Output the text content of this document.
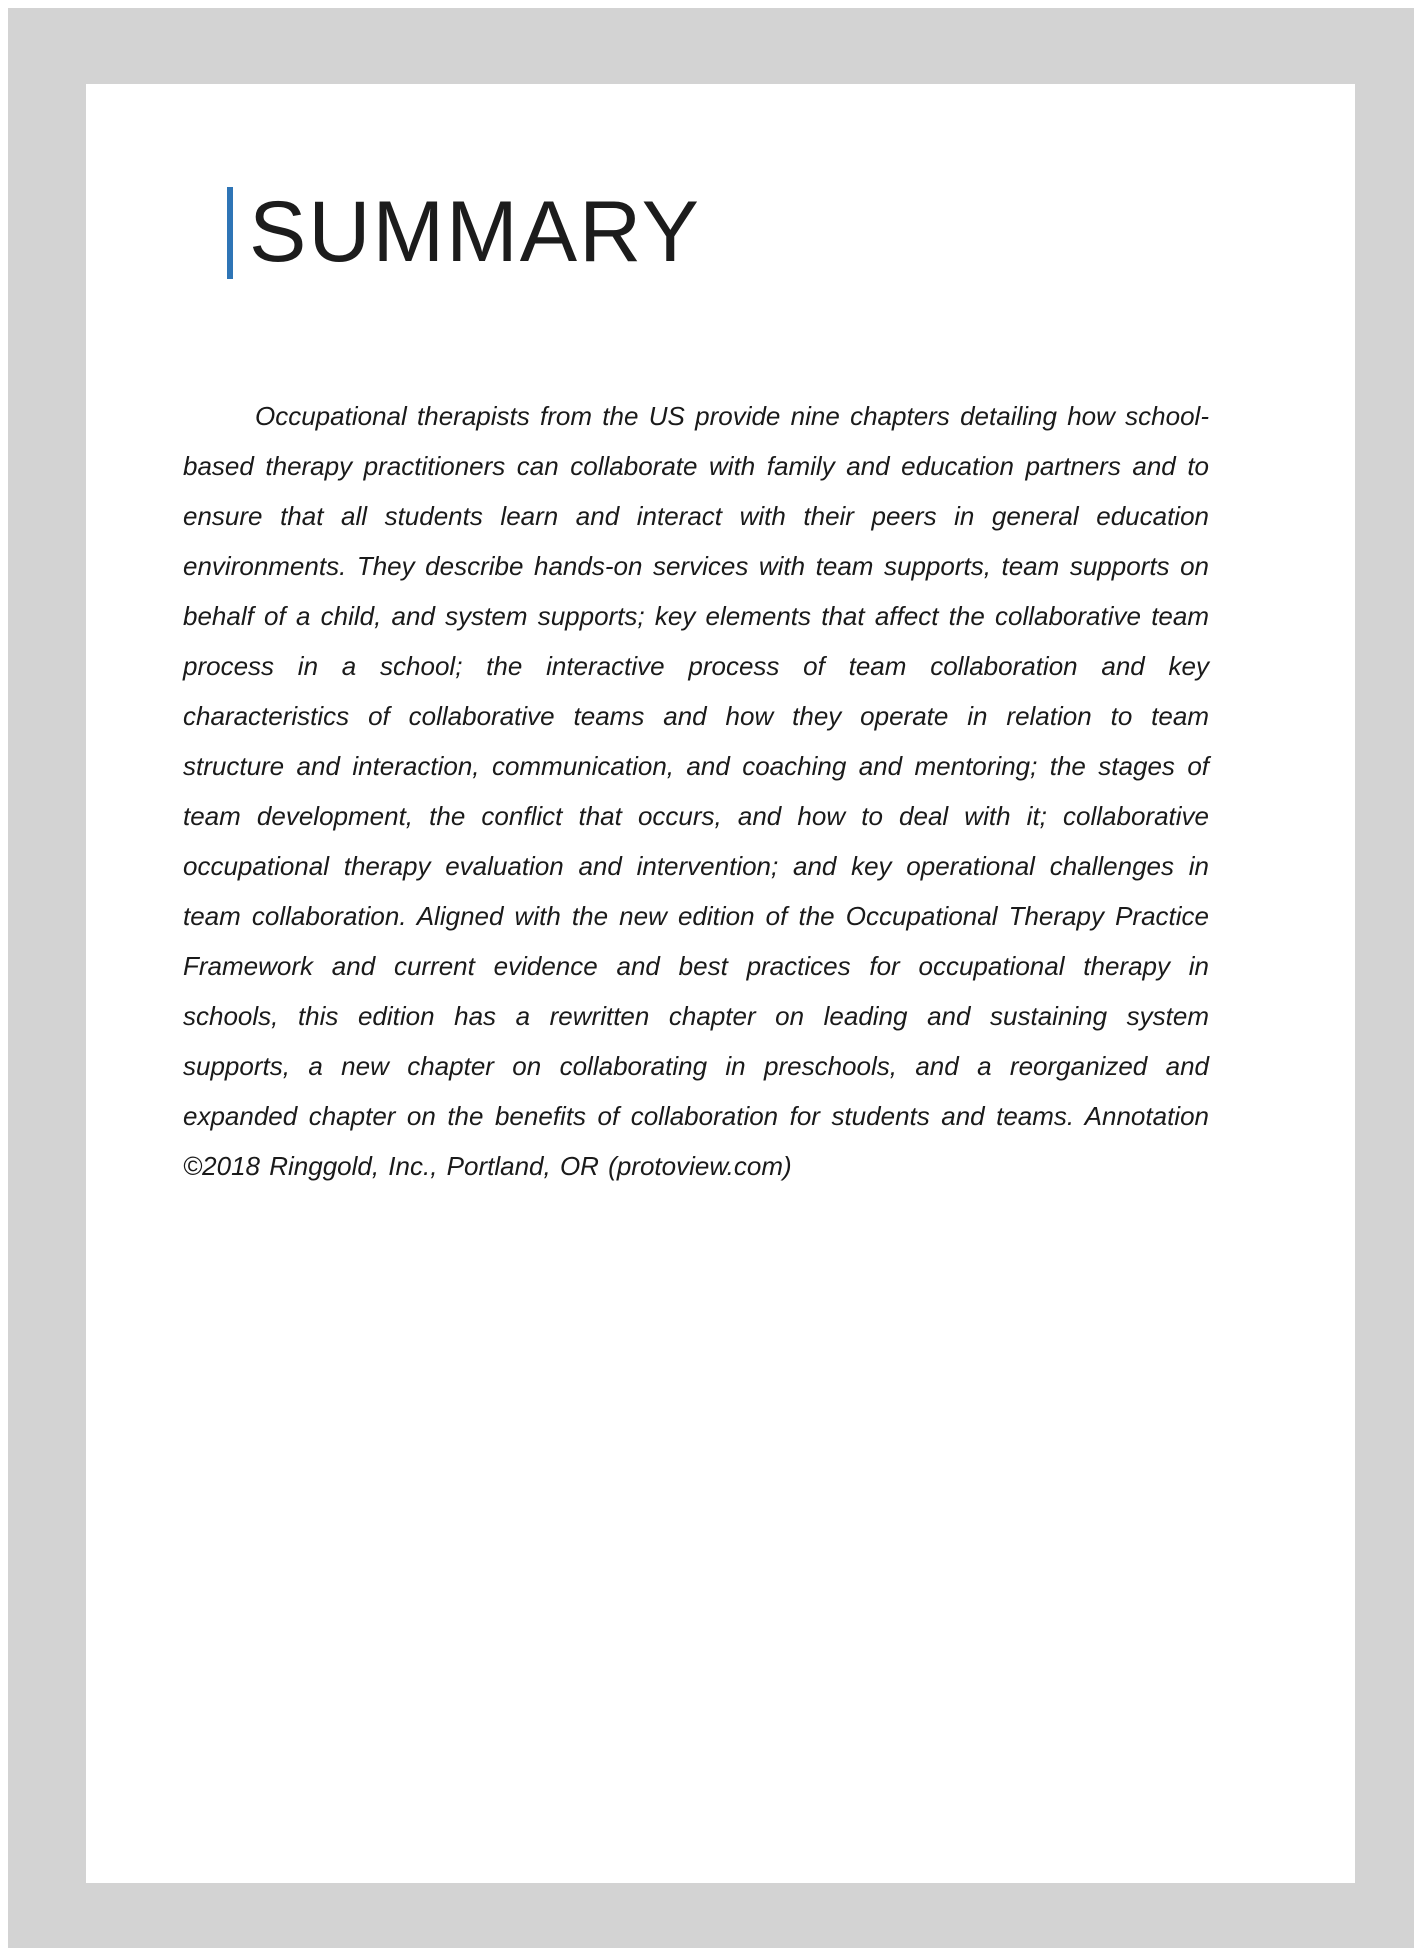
SUMMARY

Occupational therapists from the US provide nine chapters detailing how school-based therapy practitioners can collaborate with family and education partners and to ensure that all students learn and interact with their peers in general education environments. They describe hands-on services with team supports, team supports on behalf of a child, and system supports; key elements that affect the collaborative team process in a school; the interactive process of team collaboration and key characteristics of collaborative teams and how they operate in relation to team structure and interaction, communication, and coaching and mentoring; the stages of team development, the conflict that occurs, and how to deal with it; collaborative occupational therapy evaluation and intervention; and key operational challenges in team collaboration. Aligned with the new edition of the Occupational Therapy Practice Framework and current evidence and best practices for occupational therapy in schools, this edition has a rewritten chapter on leading and sustaining system supports, a new chapter on collaborating in preschools, and a reorganized and expanded chapter on the benefits of collaboration for students and teams. Annotation ©2018 Ringgold, Inc., Portland, OR (protoview.com)
